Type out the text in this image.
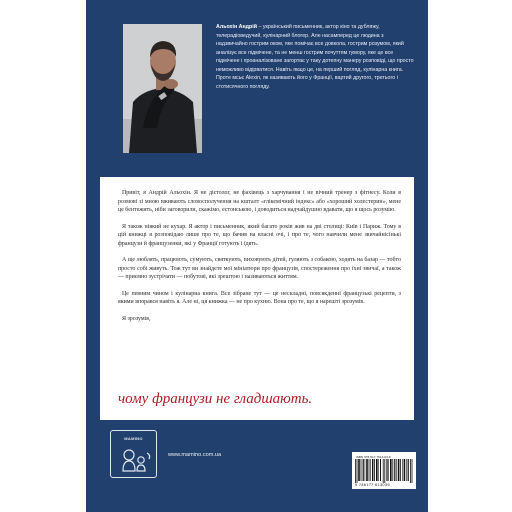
Альохін Андрій – український письменник, актор кіно та дубляжу, телерадіоведучий, кулінарний блогер. Але насамперед це людина з надзвичайно гострим оком, яке помічає все довкола, гострим розумом, який аналізує все підмічене, та не менш гострим почуттям гумору, яке це все підмічене і проаналізоване загортає у таку дотепну манеру розповіді, що просто неможливо відірватися. Навіть якщо це, на перший погляд, кулінарна книга. Проте мсьє Alexin, як називають його у Франції, вартий другого, третього і стотисячного погляду.

Привіт, я Андрій Альохін. Я не дієтолог, не фахівець з харчування і не вічний тренер з фітнесу. Коли в розмові зі мною вживають словосполучення на кшталт «глікемічний індекс» або «хороший холестерин», мене це бентежить, ніби заговорили, скажімо, естонською, і доводиться надчайдушно вдавати, що я щось розумію.

Я також ніякий не кухар. Я актор і письменник, який багато років жив на дві столиці: Київ і Париж. Тому в цій книжці я розповідаю лише про те, що бачив на власні очі, і про те, чого навчили мене звичайнісінькі французи й французенки, які у Франції готують і їдять.

А ще люблять, працюють, сумують, святкують, виховують дітей, гуляють з собакою, ходять на базар — тобто просто собі живуть. Тож тут ви знайдете мої мініатюри про французів, спостереження про їхні звичаї, а також — приємно зустрічати — побутові, які зрештою і називаються життям.

Це певним чином і кулінарна книга. Все зібране тут — це нескладні, повсякденні французькі рецепти, з якими впорався навіть я. Але ні, ця книжка — не про кухню. Вона про те, що я нарешті зрозумів.

Я зрозумів,

чому французи не гладшають.
MAMINO
www.mamino.com.ua	ISBN 978-617-7613-03-9
9 786177 613039
